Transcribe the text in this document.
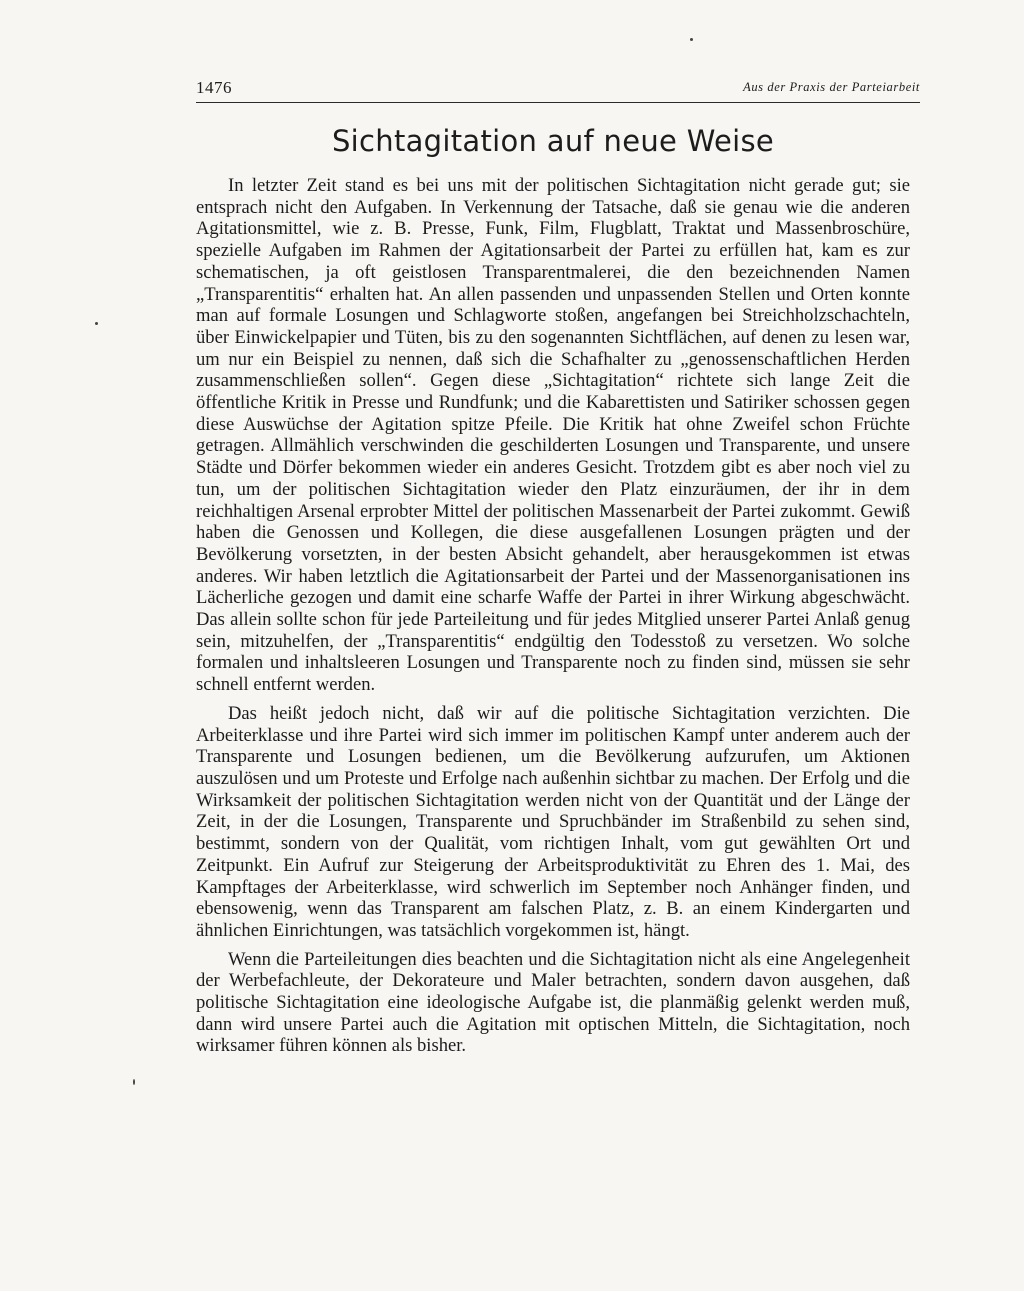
1476	Aus der Praxis der Parteiarbeit
Sichtagitation auf neue Weise

In letzter Zeit stand es bei uns mit der politischen Sichtagitation nicht gerade gut; sie entsprach nicht den Aufgaben. In Verkennung der Tatsache, daß sie genau wie die anderen Agitationsmittel, wie z. B. Presse, Funk, Film, Flugblatt, Traktat und Massenbroschüre, spezielle Aufgaben im Rahmen der Agitationsarbeit der Partei zu erfüllen hat, kam es zur schematischen, ja oft geistlosen Transparentmalerei, die den bezeichnenden Namen „Transparentitis“ erhalten hat. An allen passenden und unpassenden Stellen und Orten konnte man auf formale Losungen und Schlagworte stoßen, angefangen bei Streichholzschachteln, über Einwickelpapier und Tüten, bis zu den sogenannten Sichtflächen, auf denen zu lesen war, um nur ein Beispiel zu nennen, daß sich die Schafhalter zu „genossenschaftlichen Herden zusammenschließen sollen“. Gegen diese „Sichtagitation“ richtete sich lange Zeit die öffentliche Kritik in Presse und Rundfunk; und die Kabarettisten und Satiriker schossen gegen diese Auswüchse der Agitation spitze Pfeile. Die Kritik hat ohne Zweifel schon Früchte getragen. Allmählich verschwinden die geschilderten Losungen und Transparente, und unsere Städte und Dörfer bekommen wieder ein anderes Gesicht. Trotzdem gibt es aber noch viel zu tun, um der politischen Sichtagitation wieder den Platz einzuräumen, der ihr in dem reichhaltigen Arsenal erprobter Mittel der politischen Massenarbeit der Partei zukommt. Gewiß haben die Genossen und Kollegen, die diese ausgefallenen Losungen prägten und der Bevölkerung vorsetzten, in der besten Absicht gehandelt, aber herausgekommen ist etwas anderes. Wir haben letztlich die Agitationsarbeit der Partei und der Massenorganisationen ins Lächerliche gezogen und damit eine scharfe Waffe der Partei in ihrer Wirkung abgeschwächt. Das allein sollte schon für jede Parteileitung und für jedes Mitglied unserer Partei Anlaß genug sein, mitzuhelfen, der „Transparentitis“ endgültig den Todesstoß zu versetzen. Wo solche formalen und inhaltsleeren Losungen und Transparente noch zu finden sind, müssen sie sehr schnell entfernt werden.

Das heißt jedoch nicht, daß wir auf die politische Sichtagitation verzichten. Die Arbeiterklasse und ihre Partei wird sich immer im politischen Kampf unter anderem auch der Transparente und Losungen bedienen, um die Bevölkerung aufzurufen, um Aktionen auszulösen und um Proteste und Erfolge nach außenhin sichtbar zu machen. Der Erfolg und die Wirksamkeit der politischen Sichtagitation werden nicht von der Quantität und der Länge der Zeit, in der die Losungen, Transparente und Spruchbänder im Straßenbild zu sehen sind, bestimmt, sondern von der Qualität, vom richtigen Inhalt, vom gut gewählten Ort und Zeitpunkt. Ein Aufruf zur Steigerung der Arbeitsproduktivität zu Ehren des 1. Mai, des Kampftages der Arbeiterklasse, wird schwerlich im September noch Anhänger finden, und ebensowenig, wenn das Transparent am falschen Platz, z. B. an einem Kindergarten und ähnlichen Einrichtungen, was tatsächlich vorgekommen ist, hängt.

Wenn die Parteileitungen dies beachten und die Sichtagitation nicht als eine Angelegenheit der Werbefachleute, der Dekorateure und Maler betrachten, sondern davon ausgehen, daß politische Sichtagitation eine ideologische Aufgabe ist, die planmäßig gelenkt werden muß, dann wird unsere Partei auch die Agitation mit optischen Mitteln, die Sichtagitation, noch wirksamer führen können als bisher.
